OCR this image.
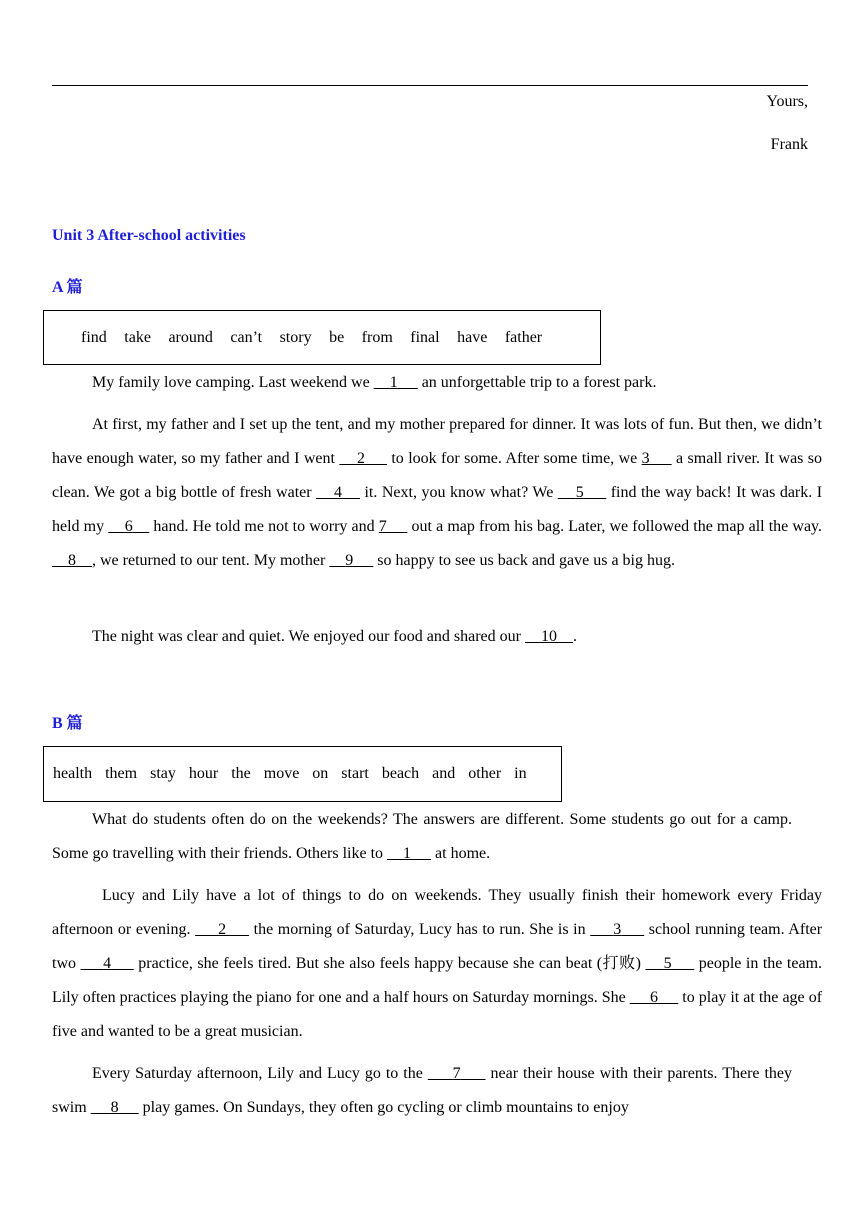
Yours,
Frank
Unit 3 After-school activities
A 篇
find take around can’t story be from final have father

My family love camping. Last weekend we     1      an unforgettable trip to a forest park.

At first, my father and I set up the tent, and my mother prepared for dinner. It was lots of fun. But then, we didn’t have enough water, so my father and I went     2      to look for some. After some time, we 3      a small river. It was so clean. We got a big bottle of fresh water     4     it. Next, you know what? We     5      find the way back! It was dark. I held my     6     hand. He told me not to worry and 7      out a map from his bag. Later, we followed the map all the way.     8 , we returned to our tent. My mother     9      so happy to see us back and gave us a big hug.

The night was clear and quiet. We enjoyed our food and shared our     10 .

B 篇
health them stay hour the move on start beach and other in

What do students often do on the weekends? The answers are different. Some students go out for a camp. Some go travelling with their friends. Others like to     1      at home.

Lucy and Lily have a lot of things to do on weekends. They usually finish their homework every Friday afternoon or evening.      2      the morning of Saturday, Lucy has to run. She is in      3      school running team. After two      4      practice, she feels tired. But she also feels happy because she can beat (打败)     5      people in the team. Lily often practices playing the piano for one and a half hours on Saturday mornings. She      6      to play it at the age of five and wanted to be a great musician.

Every Saturday afternoon, Lily and Lucy go to the      7      near their house with their parents. There they swim      8      play games. On Sundays, they often go cycling or climb mountains to enjoy
